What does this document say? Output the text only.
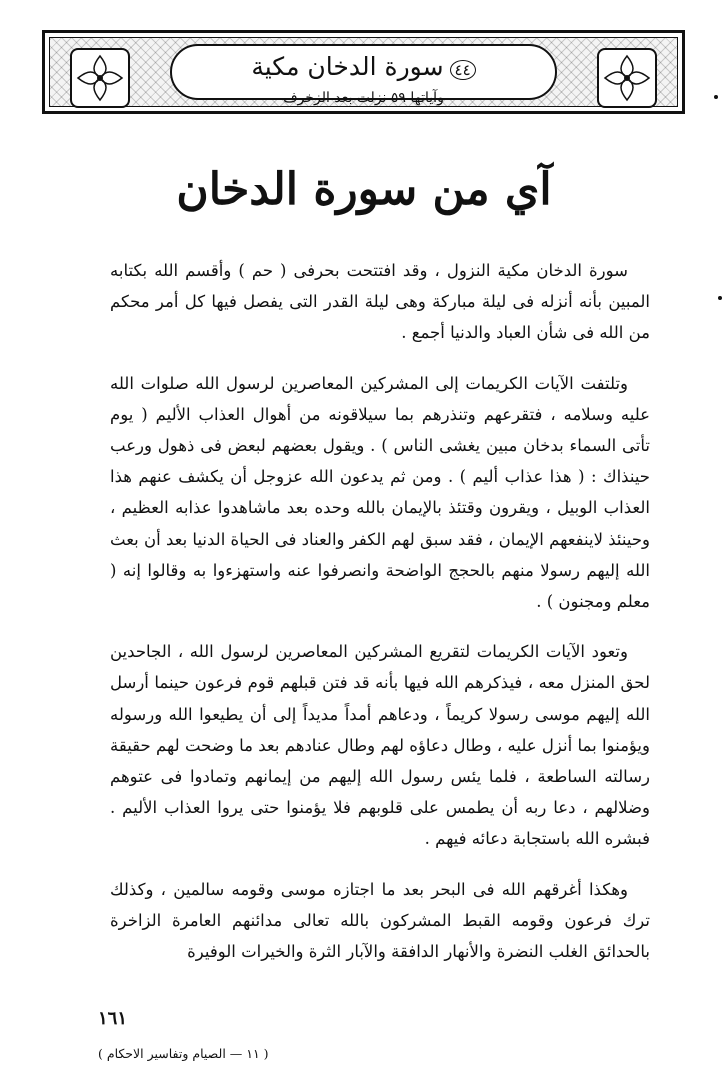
٤٤سورة الدخان مكية
وآياتها ٥٩ نزلت بعد الزخرف
آي من سورة الدخان

سورة الدخان مكية النزول ، وقد افتتحت بحرفى ( حم ) وأقسم الله بكتابه المبين بأنه أنزله فى ليلة مباركة وهى ليلة القدر التى يفصل فيها كل أمر محكم من الله فى شأن العباد والدنيا أجمع .

وتلتفت الآيات الكريمات إلى المشركين المعاصرين لرسول الله صلوات الله عليه وسلامه ، فتقرعهم وتنذرهم بما سيلاقونه من أهوال العذاب الأليم ( يوم تأتى السماء بدخان مبين يغشى الناس ) . ويقول بعضهم لبعض فى ذهول ورعب حينذاك : ( هذا عذاب أليم ) . ومن ثم يدعون الله عزوجل أن يكشف عنهم هذا العذاب الوبيل ، ويقرون وقتئذ بالإيمان بالله وحده بعد ماشاهدوا عذابه العظيم ، وحينئذ لاينفعهم الإيمان ، فقد سبق لهم الكفر والعناد فى الحياة الدنيا بعد أن بعث الله إليهم رسولا منهم بالحجج الواضحة وانصرفوا عنه واستهزءوا به وقالوا إنه ( معلم ومجنون ) .

وتعود الآيات الكريمات لتقريع المشركين المعاصرين لرسول الله ، الجاحدين لحق المنزل معه ، فيذكرهم الله فيها بأنه قد فتن قبلهم قوم فرعون حينما أرسل الله إليهم موسى رسولا كريماً ، ودعاهم أمداً مديداً إلى أن يطيعوا الله ورسوله ويؤمنوا بما أنزل عليه ، وطال دعاؤه لهم وطال عنادهم بعد ما وضحت لهم حقيقة رسالته الساطعة ، فلما يئس رسول الله إليهم من إيمانهم وتمادوا فى عتوهم وضلالهم ، دعا ربه أن يطمس على قلوبهم فلا يؤمنوا حتى يروا العذاب الأليم . فبشره الله باستجابة دعائه فيهم .

وهكذا أغرقهم الله فى البحر بعد ما اجتازه موسى وقومه سالمين ، وكذلك ترك فرعون وقومه القبط المشركون بالله تعالى مدائنهم العامرة الزاخرة بالحدائق الغلب النضرة والأنهار الدافقة والآبار الثرة والخيرات الوفيرة

١٦١

( ١١ — الصيام وتفاسير الاحكام )
